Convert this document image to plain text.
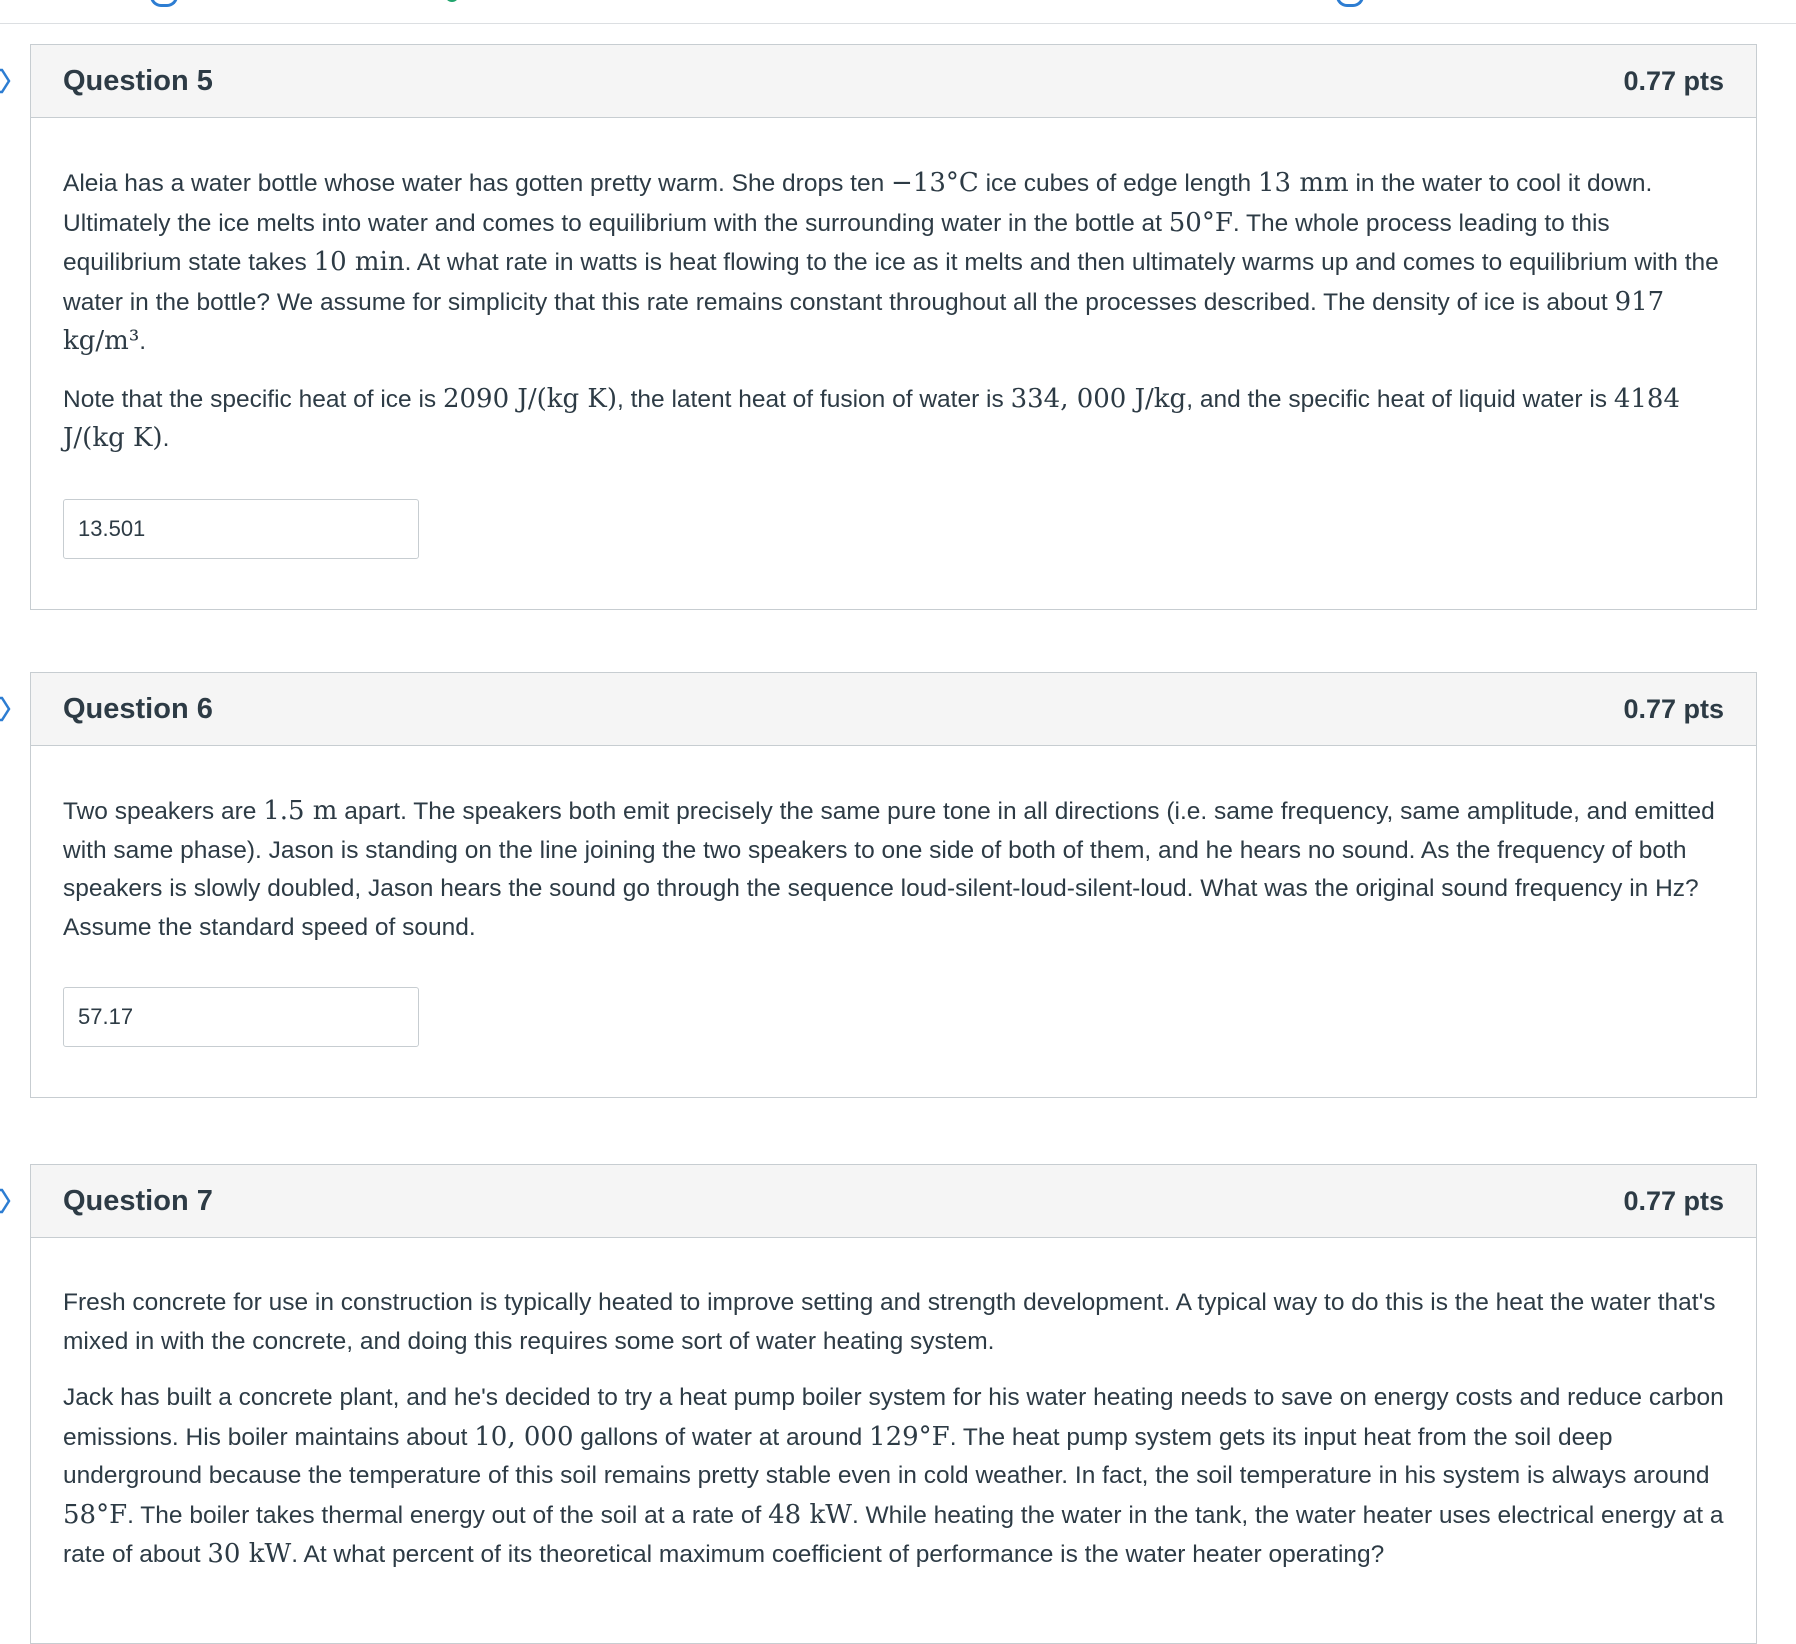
Question 5	0.77 pts

Aleia has a water bottle whose water has gotten pretty warm. She drops ten −13°C ice cubes of edge length 13 mm in the water to cool it down. Ultimately the ice melts into water and comes to equilibrium with the surrounding water in the bottle at 50°F. The whole process leading to this equilibrium state takes 10 min. At what rate in watts is heat flowing to the ice as it melts and then ultimately warms up and comes to equilibrium with the water in the bottle? We assume for simplicity that this rate remains constant throughout all the processes described. The density of ice is about 917 kg/m³.

Note that the specific heat of ice is 2090 J/(kg K), the latent heat of fusion of water is 334, 000 J/kg, and the specific heat of liquid water is 4184 J/(kg K).

13.501
Question 6	0.77 pts

Two speakers are 1.5 m apart. The speakers both emit precisely the same pure tone in all directions (i.e. same frequency, same amplitude, and emitted with same phase). Jason is standing on the line joining the two speakers to one side of both of them, and he hears no sound. As the frequency of both speakers is slowly doubled, Jason hears the sound go through the sequence loud-silent-loud-silent-loud. What was the original sound frequency in Hz? Assume the standard speed of sound.

57.17
Question 7	0.77 pts

Fresh concrete for use in construction is typically heated to improve setting and strength development. A typical way to do this is the heat the water that's mixed in with the concrete, and doing this requires some sort of water heating system.

Jack has built a concrete plant, and he's decided to try a heat pump boiler system for his water heating needs to save on energy costs and reduce carbon emissions. His boiler maintains about 10, 000 gallons of water at around 129°F. The heat pump system gets its input heat from the soil deep underground because the temperature of this soil remains pretty stable even in cold weather. In fact, the soil temperature in his system is always around 58°F. The boiler takes thermal energy out of the soil at a rate of 48 kW. While heating the water in the tank, the water heater uses electrical energy at a rate of about 30 kW. At what percent of its theoretical maximum coefficient of performance is the water heater operating?
